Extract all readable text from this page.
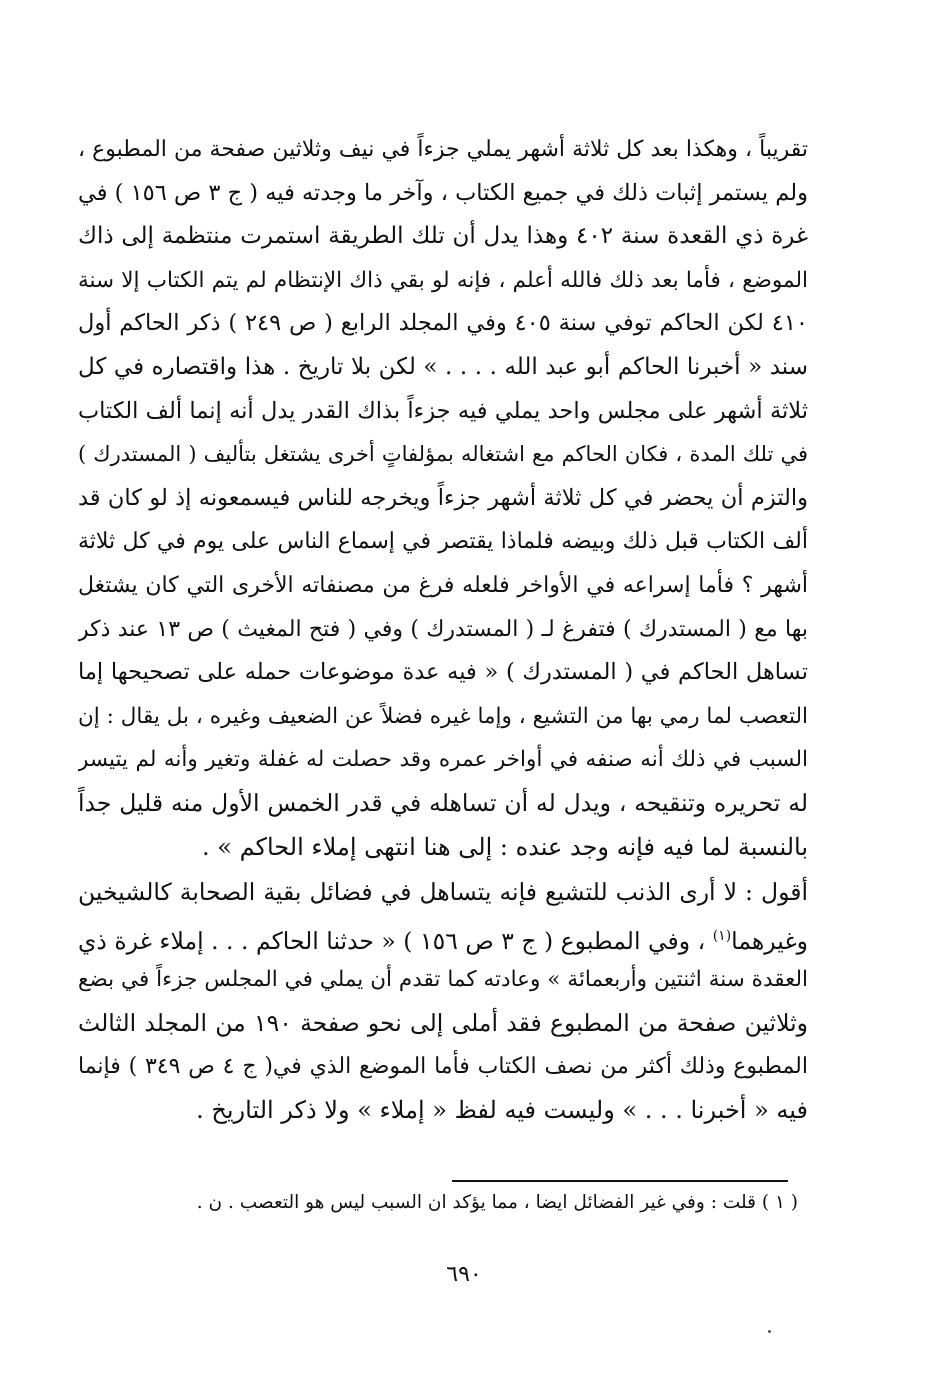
تقريباً ، وهكذا بعد كل ثلاثة أشهر يملي جزءاً في نيف وثلاثين صفحة من المطبوع ،
ولم يستمر إثبات ذلك في جميع الكتاب ، وآخر ما وجدته فيه ( ج ٣ ص ١٥٦ ) في
غرة ذي القعدة سنة ٤٠٢ وهذا يدل أن تلك الطريقة استمرت منتظمة إلى ذاك
الموضع ، فأما بعد ذلك فالله أعلم ، فإنه لو بقي ذاك الإنتظام لم يتم الكتاب إلا سنة
٤١٠ لكن الحاكم توفي سنة ٤٠٥ وفي المجلد الرابع ( ص ٢٤٩ ) ذكر الحاكم أول
سند « أخبرنا الحاكم أبو عبد الله . . . . » لكن بلا تاريخ . هذا واقتصاره في كل
ثلاثة أشهر على مجلس واحد يملي فيه جزءاً بذاك القدر يدل أنه إنما ألف الكتاب
في تلك المدة ، فكان الحاكم مع اشتغاله بمؤلفاتٍ أخرى يشتغل بتأليف ( المستدرك )
والتزم أن يحضر في كل ثلاثة أشهر جزءاً ويخرجه للناس فيسمعونه إذ لو كان قد
ألف الكتاب قبل ذلك وبيضه فلماذا يقتصر في إسماع الناس على يوم في كل ثلاثة
أشهر ؟ فأما إسراعه في الأواخر فلعله فرغ من مصنفاته الأخرى التي كان يشتغل
بها مع ( المستدرك ) فتفرغ لـ ( المستدرك ) وفي ( فتح المغيث ) ص ١٣ عند ذكر
تساهل الحاكم في ( المستدرك ) « فيه عدة موضوعات حمله على تصحيحها إما
التعصب لما رمي بها من التشيع ، وإما غيره فضلاً عن الضعيف وغيره ، بل يقال : إن
السبب في ذلك أنه صنفه في أواخر عمره وقد حصلت له غفلة وتغير وأنه لم يتيسر
له تحريره وتنقيحه ، ويدل له أن تساهله في قدر الخمس الأول منه قليل جداً
بالنسبة لما فيه فإنه وجد عنده : إلى هنا انتهى إملاء الحاكم » .
أقول : لا أرى الذنب للتشيع فإنه يتساهل في فضائل بقية الصحابة كالشيخين
وغيرهما$^{(١)}$ ، وفي المطبوع ( ج ٣ ص ١٥٦ ) « حدثنا الحاكم . . . إملاء غرة ذي
العقدة سنة اثنتين وأربعمائة » وعادته كما تقدم أن يملي في المجلس جزءاً في بضع
وثلاثين صفحة من المطبوع فقد أملى إلى نحو صفحة ١٩٠ من المجلد الثالث
المطبوع وذلك أكثر من نصف الكتاب فأما الموضع الذي في( ج ٤ ص ٣٤٩ ) فإنما
فيه « أخبرنا . . . » وليست فيه لفظ « إملاء » ولا ذكر التاريخ .
( ١ ) قلت : وفي غير الفضائل ايضا ، مما يؤكد ان السبب ليس هو التعصب . ن .
٦٩٠
